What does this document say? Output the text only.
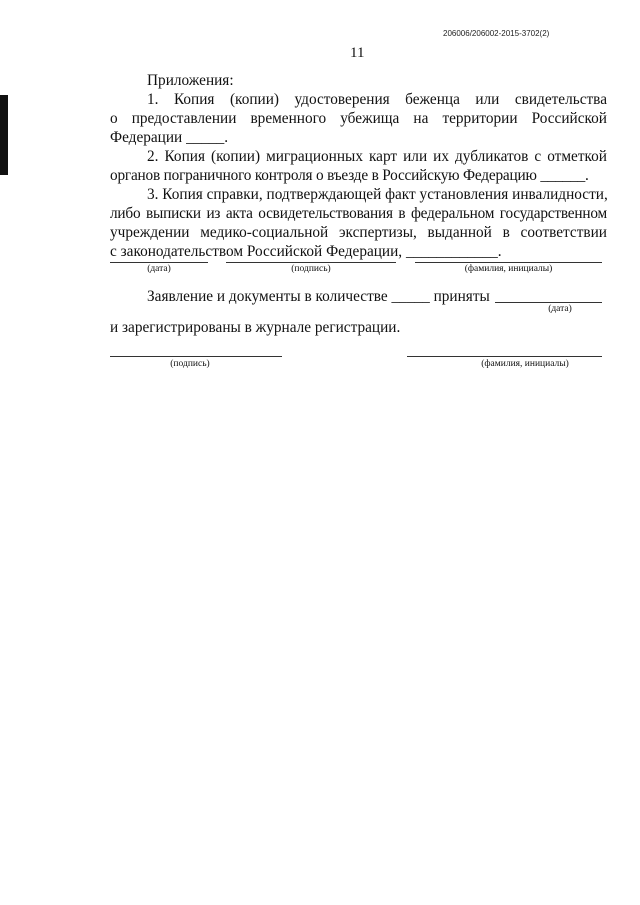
206006/206002-2015-3702(2)
11
Приложения:
1. Копия (копии) удостоверения беженца или свидетельства
о предоставлении временного убежища на территории Российской
Федерации _____.
2. Копия (копии) миграционных карт или их дубликатов с отметкой
органов пограничного контроля о въезде в Российскую Федерацию ______.
3. Копия справки, подтверждающей факт установления инвалидности,
либо выписки из акта освидетельствования в федеральном государственном
учреждении медико-социальной экспертизы, выданной в соответствии
с законодательством Российской Федерации, ____________.
(дата)	(подпись)	(фамилия, инициалы)
Заявление и документы в количестве _____ приняты
(дата)
и зарегистрированы в журнале регистрации.
(подпись)	(фамилия, инициалы)
